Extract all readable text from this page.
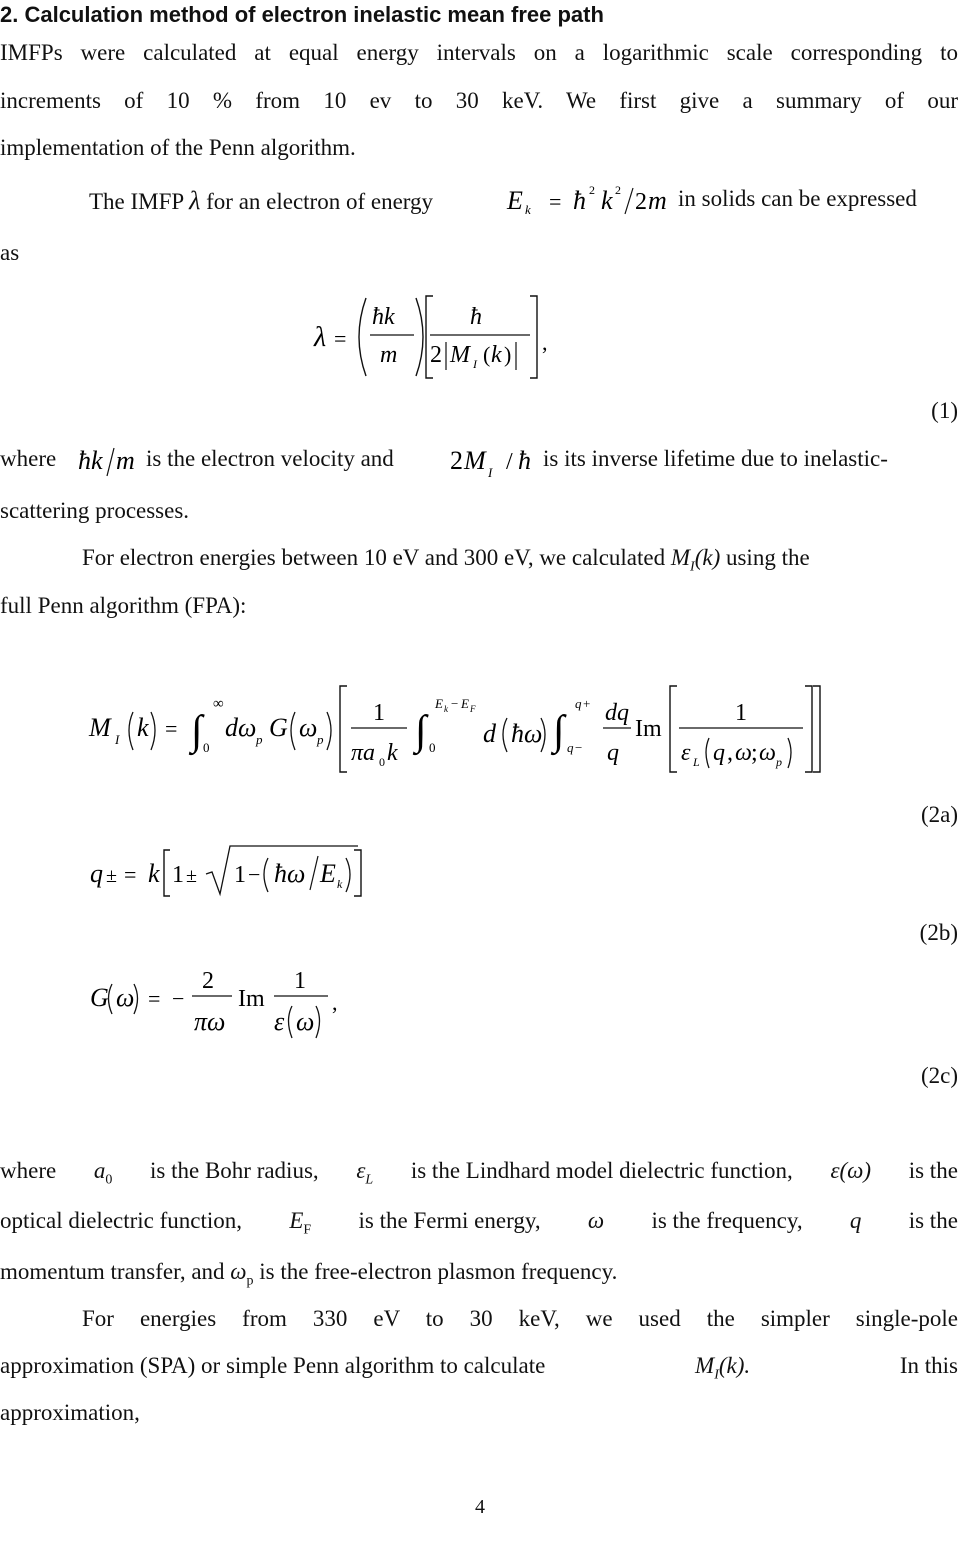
2. Calculation method of electron inelastic mean free path
IMFPs were calculated at equal energy intervals on a logarithmic scale corresponding to
increments of 10 % from 10 ev to 30 keV. We first give a summary of our
implementation of the Penn algorithm.
The IMFP λ for an electron of energy	E k = ħ 2 k 2 2 m in solids can be expressed
as
λ =
ħk
m
ħ
2 M I ( k ) ,
(1)
where ħk m is the electron velocity and 2 M I / ħ is its inverse lifetime due to inelastic-
scattering processes.
For electron energies between 10 eV and 300 eV, we calculated $M_I(k)$ using the
full Penn algorithm (FPA):
M I k = ∫
∞
0
dω p G ω p
1
πa 0 k ∫
E k − E F
0 d ħω ∫
q +
q −
dq
q
Im
1
ε L q , ω ; ω p
(2a)
q ± = k 1 ± 1 − ħω E k
(2b)
G ω = −
2
πω
Im
1
ε ω
,
(2c)
where $a_0$ is the Bohr radius, $\varepsilon_L$ is the Lindhard model dielectric function, ε(ω) is the
optical dielectric function, $E_F$ is the Fermi energy, ω is the frequency, q is the
momentum transfer, and $\omega_p$ is the free-electron plasmon frequency.
For energies from 330 eV to 30 keV, we used the simpler single-pole
approximation (SPA) or simple Penn algorithm to calculate	$M_I(k)$.	In this
approximation,
4
